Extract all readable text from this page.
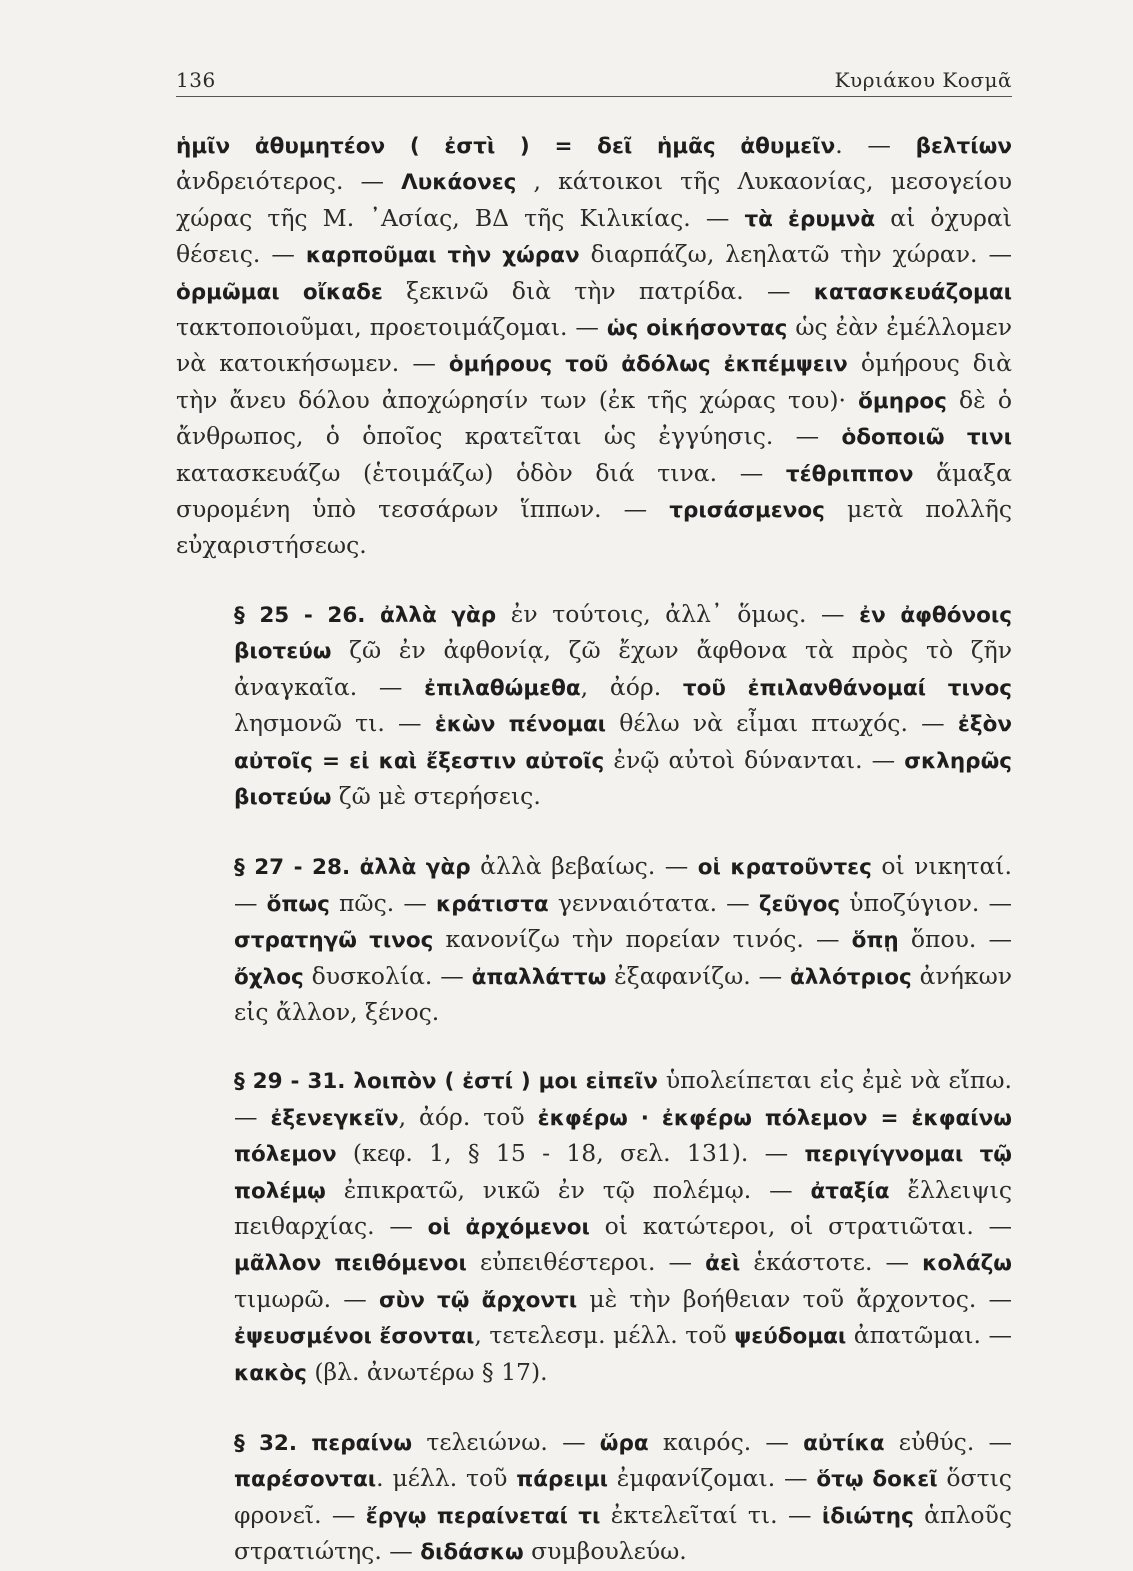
136	Κυριάκου Κοσμᾶ

ἡμῖν ἀθυμητέον ( ἐστὶ ) = δεῖ ἡμᾶς ἀθυμεῖν. — βελτίων ἀνδρειότερος. — Λυκάονες , κάτοικοι τῆς Λυκαονίας, μεσογείου χώρας τῆς Μ. ᾿Ασίας, ΒΔ τῆς Κιλικίας. — τὰ ἐρυμνὰ αἱ ὀχυραὶ θέσεις. — καρποῦμαι τὴν χώραν διαρπάζω, λεηλατῶ τὴν χώραν. — ὁρμῶμαι οἴκαδε ξεκινῶ διὰ τὴν πατρίδα. — κατασκευάζομαι τακτοποιοῦμαι, προετοιμάζομαι. — ὡς οἰκήσοντας ὡς ἐὰν ἐμέλλομεν νὰ κατοικήσωμεν. — ὁμήρους τοῦ ἀδόλως ἐκπέμψειν ὁμήρους διὰ τὴν ἄνευ δόλου ἀποχώρησίν των (ἐκ τῆς χώρας του)· ὅμηρος δὲ ὁ ἄνθρωπος, ὁ ὁποῖος κρατεῖται ὡς ἐγγύησις. — ὁδοποιῶ τινι κατασκευάζω (ἑτοιμάζω) ὁδὸν διά τινα. — τέθριππον ἅμαξα συρομένη ὑπὸ τεσσάρων ἵππων. — τρισάσμενος μετὰ πολλῆς εὐχαριστήσεως.

§ 25 - 26. ἀλλὰ γὰρ ἐν τούτοις, ἀλλ᾿ ὅμως. — ἐν ἀφθόνοις βιοτεύω ζῶ ἐν ἀφθονίᾳ, ζῶ ἔχων ἄφθονα τὰ πρὸς τὸ ζῆν ἀναγκαῖα. — ἐπιλαθώμεθα, ἀόρ. τοῦ ἐπιλανθάνομαί τινος λησμονῶ τι. — ἑκὼν πένομαι θέλω νὰ εἶμαι πτωχός. — ἐξὸν αὐτοῖς = εἰ καὶ ἔξεστιν αὐτοῖς ἐνῷ αὐτοὶ δύνανται. — σκληρῶς βιοτεύω ζῶ μὲ στερήσεις.

§ 27 - 28. ἀλλὰ γὰρ ἀλλὰ βεβαίως. — οἱ κρατοῦντες οἱ νικηταί. — ὅπως πῶς. — κράτιστα γενναιότατα. — ζεῦγος ὑποζύγιον. — στρατηγῶ τινος κανονίζω τὴν πορείαν τινός. — ὅπῃ ὅπου. — ὄχλος δυσκολία. — ἀπαλλάττω ἐξαφανίζω. — ἀλλότριος ἀνήκων εἰς ἄλλον, ξένος.

§ 29 - 31. λοιπὸν ( ἐστί ) μοι εἰπεῖν ὑπολείπεται εἰς ἐμὲ νὰ εἴπω. — ἐξενεγκεῖν, ἀόρ. τοῦ ἐκφέρω · ἐκφέρω πόλεμον = ἐκφαίνω πόλεμον (κεφ. 1, § 15 - 18, σελ. 131). — περιγίγνομαι τῷ πολέμῳ ἐπικρατῶ, νικῶ ἐν τῷ πολέμῳ. — ἀταξία ἔλλειψις πειθαρχίας. — οἱ ἀρχόμενοι οἱ κατώτεροι, οἱ στρατιῶται. — μᾶλλον πειθόμενοι εὐπειθέστεροι. — ἀεὶ ἑκάστοτε. — κολάζω τιμωρῶ. — σὺν τῷ ἄρχοντι μὲ τὴν βοήθειαν τοῦ ἄρχοντος. — ἐψευσμένοι ἔσονται, τετελεσμ. μέλλ. τοῦ ψεύδομαι ἀπατῶμαι. — κακὸς (βλ. ἀνωτέρω § 17).

§ 32. περαίνω τελειώνω. — ὥρα καιρός. — αὐτίκα εὐθύς. — παρέσονται. μέλλ. τοῦ πάρειμι ἐμφανίζομαι. — ὅτῳ δοκεῖ ὅστις φρονεῖ. — ἔργῳ περαίνεταί τι ἐκτελεῖταί τι. — ἰδιώτης ἁπλοῦς στρατιώτης. — διδάσκω συμβουλεύω.
